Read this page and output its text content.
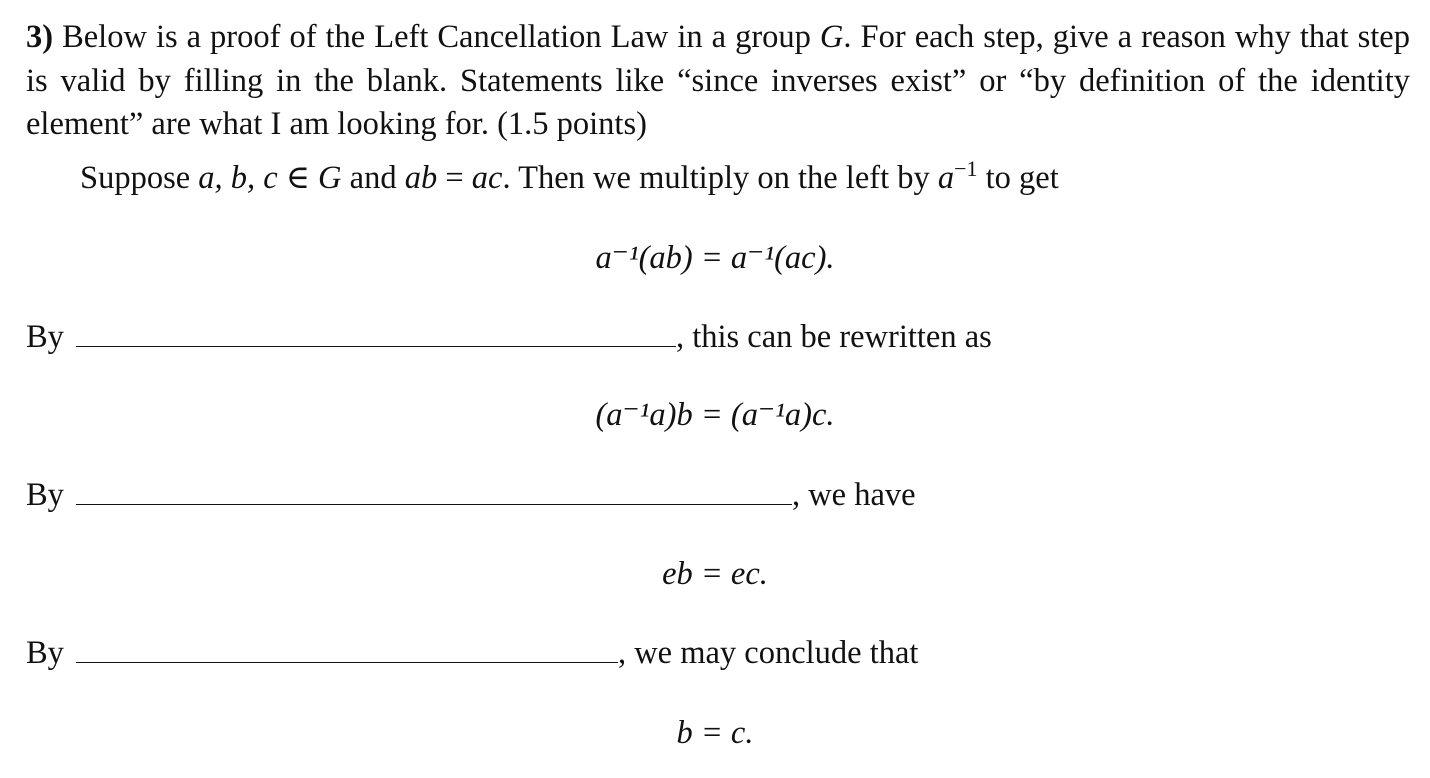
3) Below is a proof of the Left Cancellation Law in a group G. For each step, give a reason why that step is valid by filling in the blank. Statements like “since inverses exist” or “by definition of the identity element” are what I am looking for. (1.5 points)
Suppose a, b, c ∈ G and ab = ac. Then we multiply on the left by $a^{-1}$ to get
a⁻¹(ab) = a⁻¹(ac).
By	, this can be rewritten as
(a⁻¹a)b = (a⁻¹a)c.
By	, we have
eb = ec.
By	, we may conclude that
b = c.
